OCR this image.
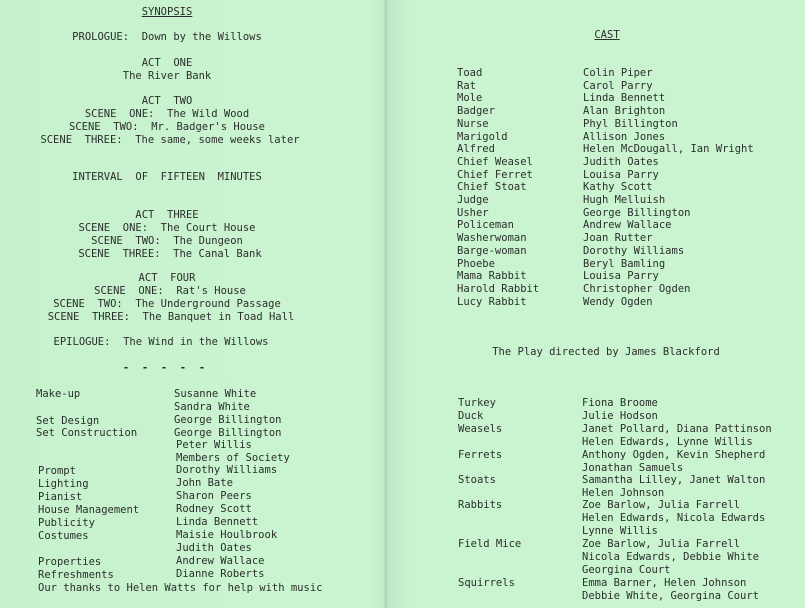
SYNOPSIS
PROLOGUE:  Down by the Willows
ACT  ONE
The River Bank
ACT  TWO
SCENE  ONE:  The Wild Wood
SCENE  TWO:  Mr. Badger's House
SCENE  THREE:  The same, some weeks later
INTERVAL  OF  FIFTEEN  MINUTES
ACT  THREE
SCENE  ONE:  The Court House
SCENE  TWO:  The Dungeon
SCENE  THREE:  The Canal Bank
ACT  FOUR
SCENE  ONE:  Rat's House
SCENE  TWO:  The Underground Passage
SCENE  THREE:  The Banquet in Toad Hall
EPILOGUE:  The Wind in the Willows
-  -  -  -  -
Make-up	Susanne White
Sandra White
Set Design	George Billington
Set Construction	George Billington
Peter Willis
Members of Society
Prompt	Dorothy Williams
Lighting	John Bate
Pianist	Sharon Peers
House Management	Rodney Scott
Publicity	Linda Bennett
Costumes	Maisie Houlbrook
Judith Oates
Properties	Andrew Wallace
Refreshments	Dianne Roberts
Our thanks to Helen Watts for help with music
CAST
Toad	Colin Piper
Rat	Carol Parry
Mole	Linda Bennett
Badger	Alan Brighton
Nurse	Phyl Billington
Marigold	Allison Jones
Alfred	Helen McDougall, Ian Wright
Chief Weasel	Judith Oates
Chief Ferret	Louisa Parry
Chief Stoat	Kathy Scott
Judge	Hugh Melluish
Usher	George Billington
Policeman	Andrew Wallace
Washerwoman	Joan Rutter
Barge-woman	Dorothy Williams
Phoebe	Beryl Bamling
Mama Rabbit	Louisa Parry
Harold Rabbit	Christopher Ogden
Lucy Rabbit	Wendy Ogden
The Play directed by James Blackford
Turkey	Fiona Broome
Duck	Julie Hodson
Weasels	Janet Pollard, Diana Pattinson
Helen Edwards, Lynne Willis
Ferrets	Anthony Ogden, Kevin Shepherd
Jonathan Samuels
Stoats	Samantha Lilley, Janet Walton
Helen Johnson
Rabbits	Zoe Barlow, Julia Farrell
Helen Edwards, Nicola Edwards
Lynne Willis
Field Mice	Zoe Barlow, Julia Farrell
Nicola Edwards, Debbie White
Georgina Court
Squirrels	Emma Barner, Helen Johnson
Debbie White, Georgina Court
